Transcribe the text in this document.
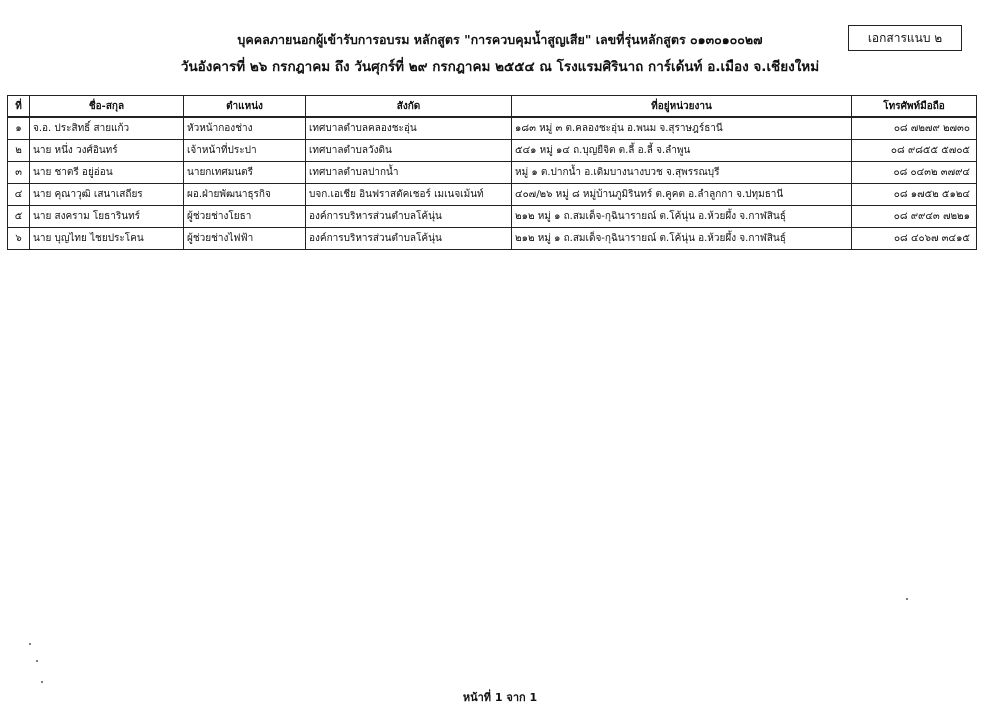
เอกสารแนบ ๒
บุคคลภายนอกผู้เข้ารับการอบรม หลักสูตร "การควบคุมน้ำสูญเสีย" เลขที่รุ่นหลักสูตร ๐๑๓๐๑๐๐๒๗
วันอังคารที่ ๒๖ กรกฎาคม ถึง วันศุกร์ที่ ๒๙ กรกฎาคม ๒๕๕๔ ณ โรงแรมศิรินาถ การ์เด้นท์ อ.เมือง จ.เชียงใหม่
ที่	ชื่อ-สกุล	ตำแหน่ง	สังกัด	ที่อยู่หน่วยงาน	โทรศัพท์มือถือ
๑	จ.อ. ประสิทธิ์ สายแก้ว	หัวหน้ากองช่าง	เทศบาลตำบลคลองชะอุ่น	๑๘๓ หมู่ ๓ ต.คลองชะอุ่น อ.พนม จ.สุราษฎร์ธานี	๐๘ ๗๒๗๙ ๒๗๓๐
๒	นาย หนึ่ง วงศ์อินทร์	เจ้าหน้าที่ประปา	เทศบาลตำบลวังดิน	๕๔๑ หมู่ ๑๔ ถ.บุญยืจิต ต.ลี้ อ.ลี้ จ.ลำพูน	๐๘ ๙๘๕๕ ๕๗๐๕
๓	นาย ชาตรี อยู่อ่อน	นายกเทศมนตรี	เทศบาลตำบลปากน้ำ	หมู่ ๑ ต.ปากน้ำ อ.เดิมบางนางบวช จ.สุพรรณบุรี	๐๘ ๐๔๓๒ ๓๗๙๔
๔	นาย คุณาวุฒิ เสนาเสถียร	ผอ.ฝ่ายพัฒนาธุรกิจ	บจก.เอเชีย อินฟราสตัคเชอร์ เมเนจเม้นท์	๔๐๗/๒๖ หมู่ ๘ หมู่บ้านภูมิรินทร์ ต.คูคต อ.ลำลูกกา จ.ปทุมธานี	๐๘ ๑๗๕๒ ๕๑๒๔
๕	นาย สงคราม โยธารินทร์	ผู้ช่วยช่างโยธา	องค์การบริหารส่วนตำบลโค้นุ่น	๒๑๒ หมู่ ๑ ถ.สมเด็จ-กุฉินารายณ์ ต.โค้นุ่น อ.ห้วยผึ้ง จ.กาฬสินธุ์	๐๘ ๙๙๔๓ ๗๒๒๑
๖	นาย บุญไทย ไชยประโคน	ผู้ช่วยช่างไฟฟ้า	องค์การบริหารส่วนตำบลโค้นุ่น	๒๑๒ หมู่ ๑ ถ.สมเด็จ-กุฉินารายณ์ ต.โค้นุ่น อ.ห้วยผึ้ง จ.กาฬสินธุ์	๐๘ ๔๐๖๗ ๓๔๑๕
หน้าที่ 1 จาก 1
